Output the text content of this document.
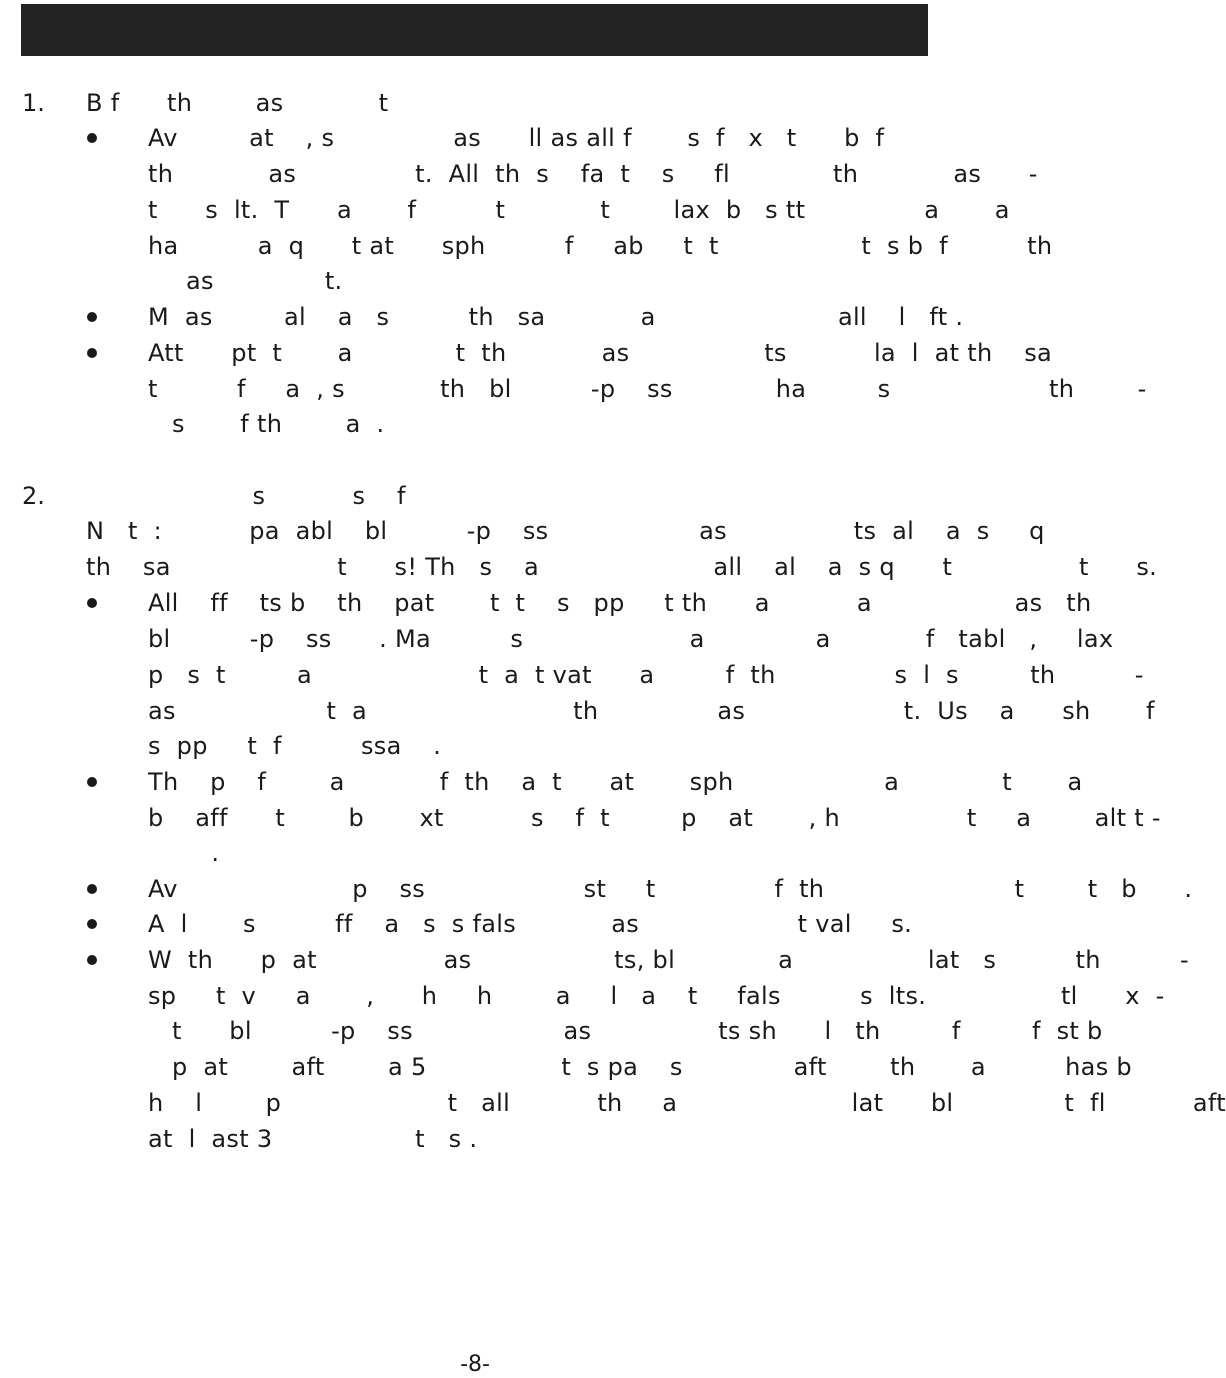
1. B f      th        as            t
Av         at    , s               as      ll as all f       s  f   x   t      b  f
th            as               t.  All  th  s    fa  t    s     fl             th            as      -
t      s  lt.  T      a       f          t            t        lax  b   s tt               a       a
ha          a  q      t at      sph          f     ab     t  t                  t  s b  f          th
as              t.
M  as         al    a   s          th   sa            a                       all    l   ft .
Att      pt  t       a             t  th            as                 ts           la  l  at th    sa
t          f     a  , s            th   bl          -p    ss             ha         s                    th        -
s       f th        a  .
2. s           s    f
N   t  :           pa  abl    bl          -p    ss                   as                ts  al    a  s     q
th    sa                     t      s! Th   s    a                      all    al    a  s q      t                t      s.
All    ff    ts b    th    pat       t  t    s   pp     t th      a           a                  as   th
bl          -p    ss      . Ma          s                     a              a            f   tabl   ,     lax
p   s  t         a                     t  a  t vat      a         f  th               s  l  s         th          -
as                   t  a                          th               as                    t.  Us    a      sh       f
s  pp     t  f          ssa    .
Th    p    f        a            f  th    a  t      at       sph                   a             t       a
b    aff      t        b       xt           s    f  t         p    at       , h                t     a        alt t -
.
Av                      p    ss                    st     t               f  th                        t        t   b      .
A  l       s          ff    a   s  s fals            as                    t val     s.
W  th      p  at                as                  ts, bl             a                 lat   s          th          -
sp     t  v     a       ,      h     h        a     l   a    t     fals          s  lts.                 tl      x  -
t      bl          -p    ss                   as                ts sh      l   th         f         f  st b
p  at        aft        a 5                 t  s pa    s              aft        th       a          has b
h    l        p                     t   all           th     a                      lat      bl              t  fl           aft
at  l  ast 3                  t   s .
-8-
